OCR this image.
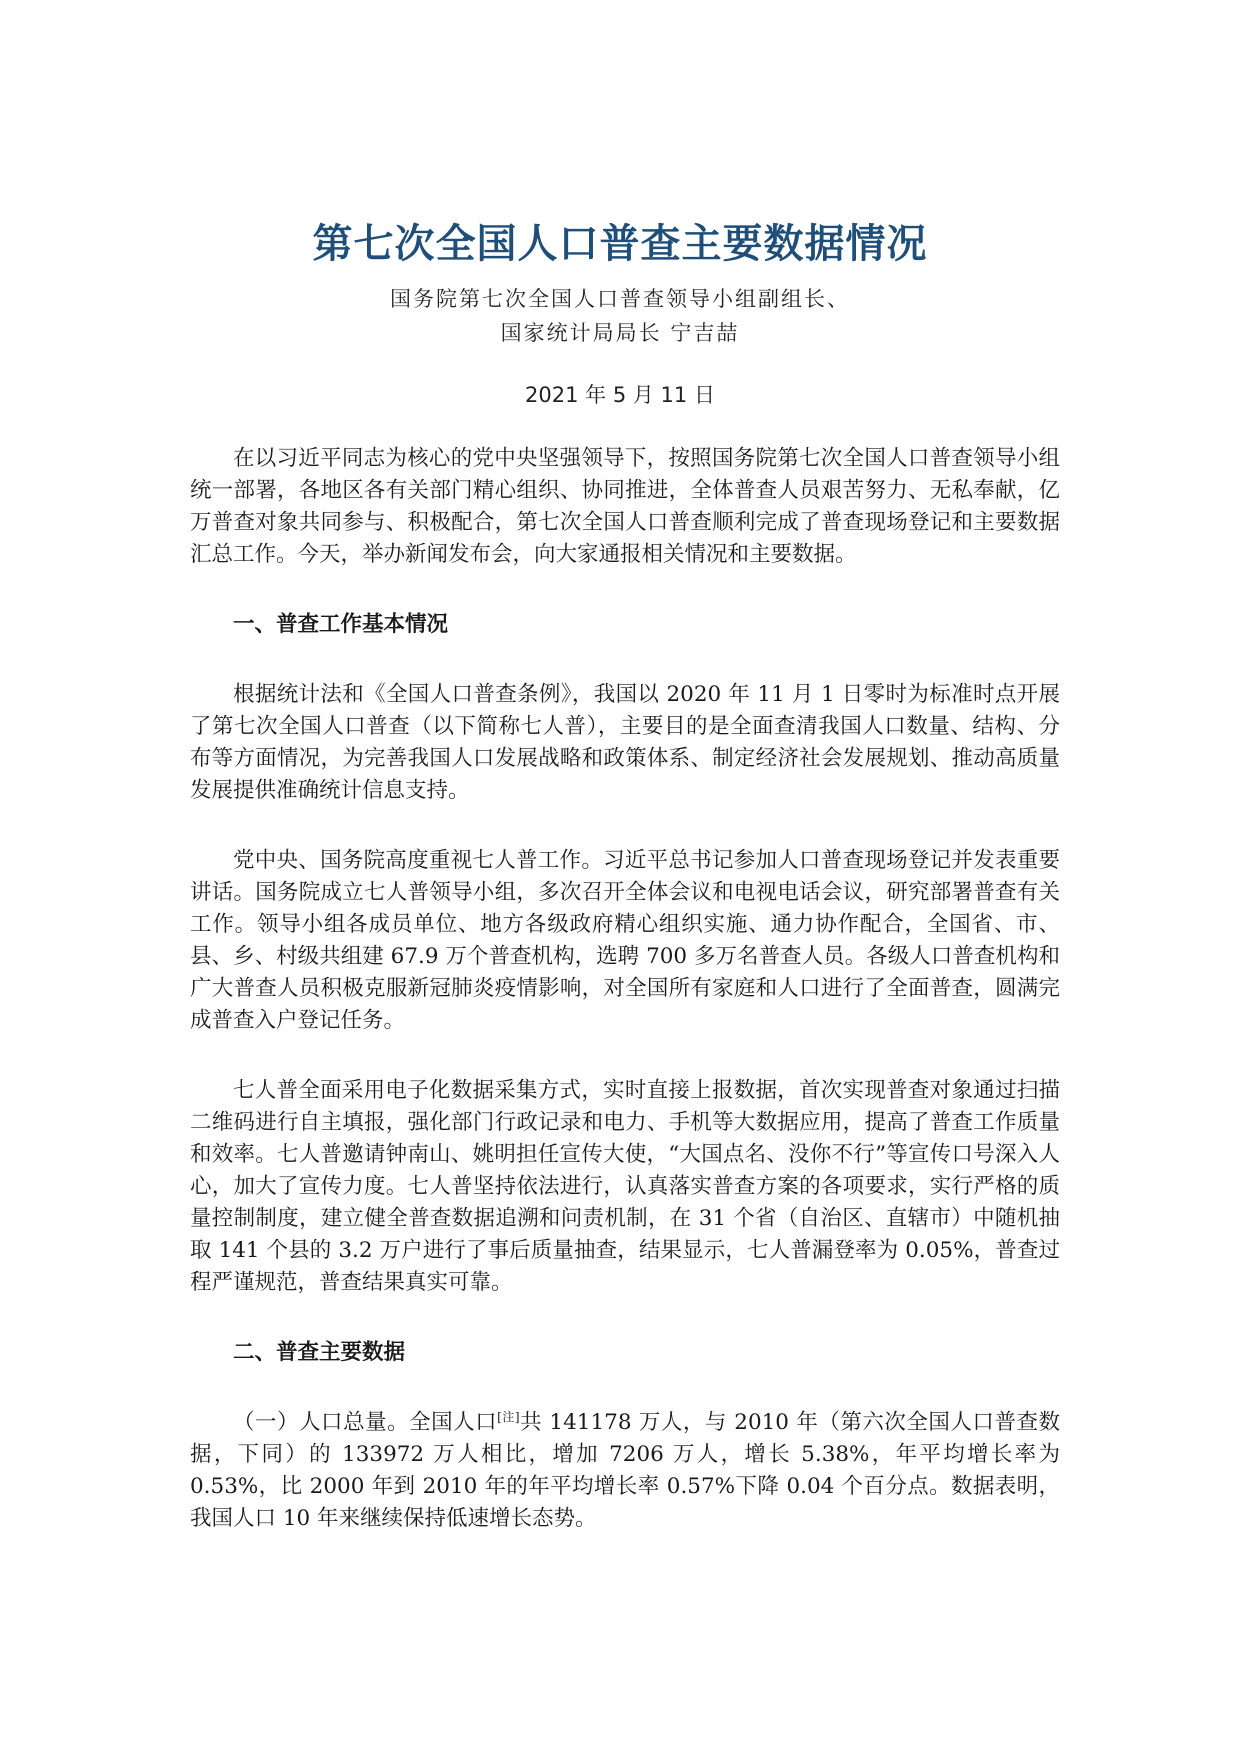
第七次全国人口普查主要数据情况
国务院第七次全国人口普查领导小组副组长、
国家统计局局长 宁吉喆
2021 年 5 月 11 日

在以习近平同志为核心的党中央坚强领导下，按照国务院第七次全国人口普查领导小组统一部署，各地区各有关部门精心组织、协同推进，全体普查人员艰苦努力、无私奉献，亿万普查对象共同参与、积极配合，第七次全国人口普查顺利完成了普查现场登记和主要数据汇总工作。今天，举办新闻发布会，向大家通报相关情况和主要数据。

一、普查工作基本情况

根据统计法和《全国人口普查条例》，我国以 2020 年 11 月 1 日零时为标准时点开展了第七次全国人口普查（以下简称七人普），主要目的是全面查清我国人口数量、结构、分布等方面情况，为完善我国人口发展战略和政策体系、制定经济社会发展规划、推动高质量发展提供准确统计信息支持。

党中央、国务院高度重视七人普工作。习近平总书记参加人口普查现场登记并发表重要讲话。国务院成立七人普领导小组，多次召开全体会议和电视电话会议，研究部署普查有关工作。领导小组各成员单位、地方各级政府精心组织实施、通力协作配合，全国省、市、县、乡、村级共组建 67.9 万个普查机构，选聘 700 多万名普查人员。各级人口普查机构和广大普查人员积极克服新冠肺炎疫情影响，对全国所有家庭和人口进行了全面普查，圆满完成普查入户登记任务。

七人普全面采用电子化数据采集方式，实时直接上报数据，首次实现普查对象通过扫描二维码进行自主填报，强化部门行政记录和电力、手机等大数据应用，提高了普查工作质量和效率。七人普邀请钟南山、姚明担任宣传大使，“大国点名、没你不行”等宣传口号深入人心，加大了宣传力度。七人普坚持依法进行，认真落实普查方案的各项要求，实行严格的质量控制制度，建立健全普查数据追溯和问责机制，在 31 个省（自治区、直辖市）中随机抽取 141 个县的 3.2 万户进行了事后质量抽查，结果显示，七人普漏登率为 0.05%，普查过程严谨规范，普查结果真实可靠。

二、普查主要数据

（一）人口总量。全国人口[注]共 141178 万人，与 2010 年（第六次全国人口普查数据，下同）的 133972 万人相比，增加 7206 万人，增长 5.38%，年平均增长率为 0.53%，比 2000 年到 2010 年的年平均增长率 0.57%下降 0.04 个百分点。数据表明，我国人口 10 年来继续保持低速增长态势。
